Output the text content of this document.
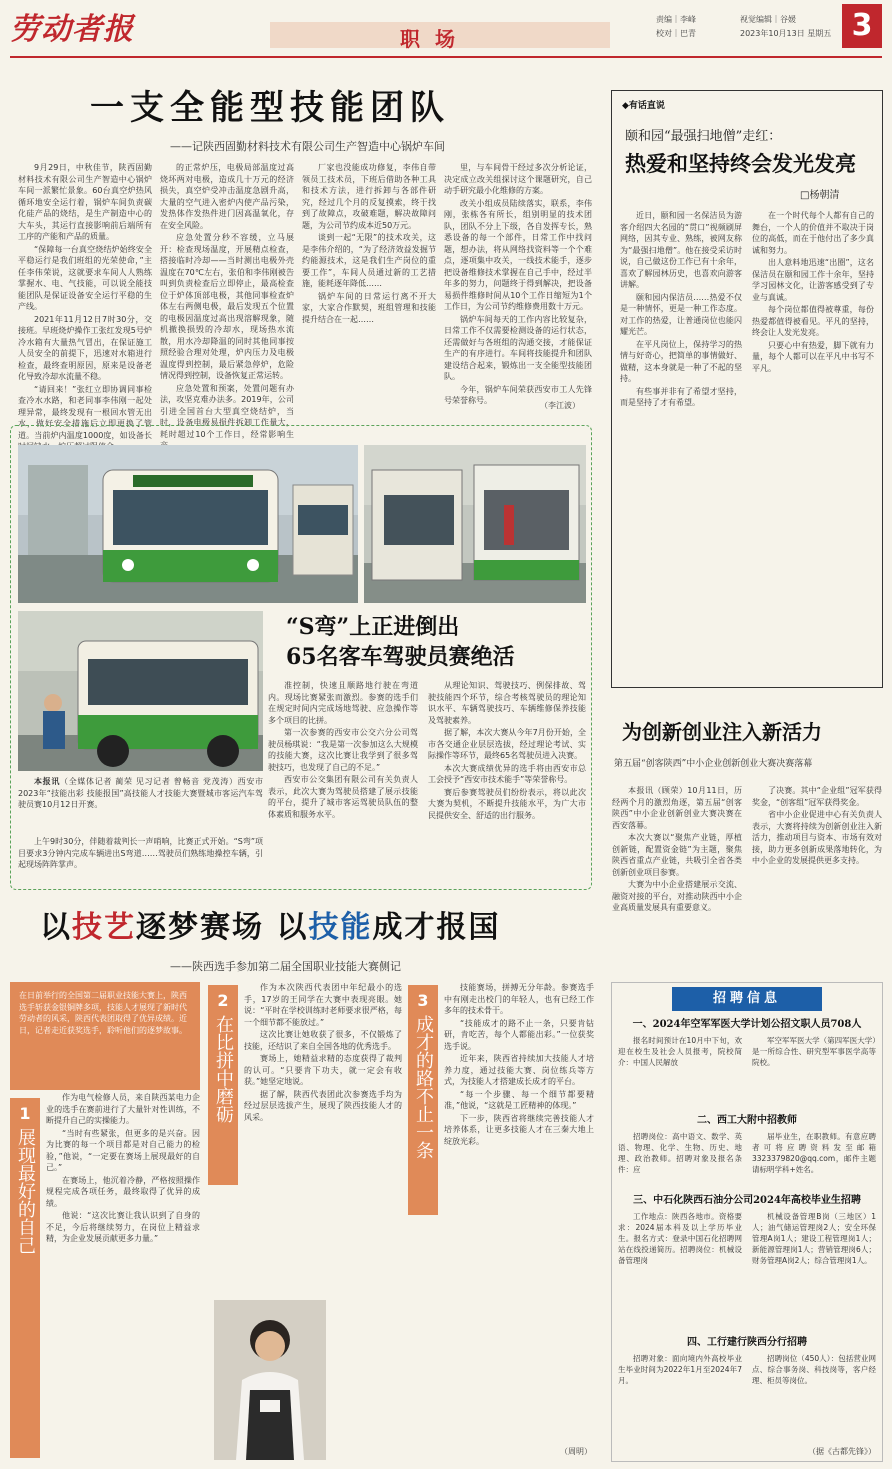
劳动者报	职 场
责编｜李峰
校对｜巴青
视觉编辑｜谷媛
2023年10月13日 星期五 3
一支全能型技能团队
——记陕西固勤材料技术有限公司生产智造中心锅炉车间

9月29日，中秋佳节，陕西固勤材料技术有限公司生产智造中心锅炉车间一派繁忙景象。60台真空炉热风循环地安全运行着，锅炉车间负责碳化硅产品的烧结，是生产制造中心的大车头，其运行直接影响前后端所有工序的产能和产品的质量。

“保障每一台真空烧结炉始终安全平稳运行是我们班组的光荣使命，”主任李伟荣说，这就要求车间人人熟练掌握水、电、气技能，可以说全能技能团队是保证设备安全运行平稳的生产线。

2021年11月12日7时30分，交接班。早班烧炉操作工张红发现5号炉冷水箱有大量热气冒出，在保证施工人员安全的前提下，迅速对水箱进行检查，最终查明原因，原来是设备老化导致冷却水流量不稳。

“请回来！”张红立即协调同事检查冷水水路，和老同事李伟刚一起处理异常，最终发现有一根回水管无出水，做好安全措施后立即更换了管道。当前炉内温度1000度，如设备长

的正常炉压，电极局部温度过高烧坏两对电极，造成几十万元的经济损失，真空炉受冲击温度急剧升高，大量的空气进入密炉内使产品污染，发热体作发热件进门因高温氧化，存在安全风险。

应急处置分秒不容缓，立马展开：检查现场温度，开展精点检查，搭接临时冷却——当时测出电极外壳温度在70℃左右，张伯和李伟刚被告叫到负责检查后立即停止，最高检查位于炉体顶部电极，其他同事检查炉体左右两侧电极，最后发现五个位置的电极因温度过高出现溶解现象，随机撤换损毁的冷却水，现场热水流散，用水冷却降温的同时其他同事按照经验合理对处理，炉内压力及电极温度得到控制，最后紧急停炉，危险情况得到控制，设备恢复正常运转。

应急处置和预案，处置问题有办法，攻坚克难办法多。2019年，公司引进全国首台大型真空烧结炉，当时，设备电极易损件拆卸工作量大，耗时超过10个工作日，经常影响生

厂家也没能成功修复，李伟自带领员工技术员，下班后借助各种工具和技术方法，进行拆卸与各部件研究，经过几个月的反复摸索，终于找到了故障点，攻破难题，解决故障问题，为公司节约成本近50万元。

谈到一起“无限”的技术攻关，这是李伟介绍的，“为了经济效益发掘节约能源技术，这是我们生产岗位的重要工作”，车间人员通过新的工艺措施，能耗逐年降低……

锅炉车间的日常运行离不开大家，大家合作默契，班组管理和技能提升结合在一起……

里，与车间骨干经过多次分析论证，决定成立改关组探讨这个课题研究，自己动手研究最小化维修的方案。

改关小组成员陆续落实，联系，李伟刚，张栋各有所长，组别明显的技术团队，团队不分上下级，各自发挥专长，熟悉设备的每一个部件，日常工作中找问题，想办法，将从网络找资料等一个个难点，逐项集中攻关，一线技术能手，逐步把设备维修技术掌握在自己手中，经过半年多的努力，问题终于得到解决，把设备易损件维修时间从10个工作日缩短为1个工作日，为公司节约维修费用数十万元。

锅炉车间每天的工作内容比较复杂，日常工作不仅需要检测设备的运行状态，还需做好与各班组的沟通交接，才能保证生产的有序进行。车间将技能提升和团队建设结合起来，锻炼出一支全能型技能团队。

今年，锅炉车间荣获西安市工人先锋号荣誉称号。

（李江波）
“S弯”上正进倒出
65名客车驾驶员赛绝活

本报讯（全媒体记者 蔺荣 见习记者 曾畅音 党茂涛）西安市2023年“技能出彩 技能报国”高技能人才技能大赛暨城市客运汽车驾驶员赛10月12日开赛。

上午9时30分，伴随着裁判长一声哨响，比赛正式开始。“S弯”项目要求3分钟内完成车辆进出S弯道……驾驶员们熟练地操控车辆，引起现场阵阵掌声。

准控制，快速且顺路地行驶在弯道内。现场比赛紧张而激烈。参赛的选手们在规定时间内完成场地驾驶、应急操作等多个项目的比拼。

第一次参赛的西安市公交六分公司驾驶员杨琪说：“我是第一次参加这么大规模的技能大赛，这次比赛让我学到了很多驾驶技巧，也发现了自己的不足。”

西安市公交集团有限公司有关负责人表示，此次大赛为驾驶员搭建了展示技能的平台，提升了城市客运驾驶员队伍的整体素质和服务水平。

从理论知识、驾驶技巧、例保排故、驾驶技能四个环节，综合考核驾驶员的理论知识水平、车辆驾驶技巧、车辆维修保养技能及驾驶素养。

据了解，本次大赛从今年7月份开始，全市各交通企业层层选拔，经过理论考试、实际操作等环节，最终65名驾驶员进入决赛。

本次大赛成绩优异的选手将由西安市总工会授予“西安市技术能手”等荣誉称号。

赛后参赛驾驶员们纷纷表示，将以此次大赛为契机，不断提升技能水平，为广大市民提供安全、舒适的出行服务。

◆有话直说
颐和园“最强扫地僧”走红：
热爱和坚持终会发光发亮
□杨朝清

近日，颐和园一名保洁员为游客介绍四大名园的“贯口”视频刷屏网络，因其专业、熟练，被网友称为“最强扫地僧”。他在接受采访时说，自己做这份工作已有十余年，喜欢了解园林历史，也喜欢向游客讲解。

颐和园内保洁员……热爱不仅是一种情怀，更是一种工作态度。对工作的热爱，让普通岗位也能闪耀光芒。

在平凡岗位上，保持学习的热情与好奇心，把简单的事情做好、做精，这本身就是一种了不起的坚持。

有些事并非有了希望才坚持，而是坚持了才有希望。

在一个时代每个人都有自己的舞台，一个人的价值并不取决于岗位的高低，而在于他付出了多少真诚和努力。

出人意料地迅速“出圈”，这名保洁员在颐和园工作十余年，坚持学习园林文化，让游客感受到了专业与真诚。

每个岗位都值得被尊重，每份热爱都值得被看见。平凡的坚持，终会让人发光发亮。

只要心中有热爱，脚下就有力量，每个人都可以在平凡中书写不平凡。

为创新创业注入新活力
第五届“创客陕西”中小企业创新创业大赛决赛落幕

本报讯（顾荣）10月11日，历经两个月的激烈角逐，第五届“创客陕西”中小企业创新创业大赛决赛在西安落幕。

本次大赛以“聚焦产业链，厚植创新链，配置资金链”为主题，聚焦陕西省重点产业链，共吸引全省各类创新创业项目参赛。

大赛为中小企业搭建展示交流、融资对接的平台，对推动陕西中小企业高质量发展具有重要意义。

了决赛。其中“企业组”冠军获得奖金，“创客组”冠军获得奖金。

省中小企业促进中心有关负责人表示，大赛将持续为创新创业注入新活力，推动项目与资本、市场有效对接，助力更多创新成果落地转化，为中小企业的发展提供更多支持。

以技艺逐梦赛场 以技能成才报国
——陕西选手参加第二届全国职业技能大赛侧记
在日前举行的全国第二届职业技能大赛上，陕西选手斩获金银铜牌多项，技能人才展现了新时代劳动者的风采，陕西代表团取得了优异成绩。近日，记者走近获奖选手，聆听他们的逐梦故事。
1
展现最好的自己

作为电气检修人员，来自陕西某电力企业的选手在赛前进行了大量针对性训练，不断提升自己的实操能力。

“当时有些紧张，但更多的是兴奋。因为比赛的每一个项目都是对自己能力的检验，”他说，“一定要在赛场上展现最好的自己。”

在赛场上，他沉着冷静，严格按照操作规程完成各项任务，最终取得了优异的成绩。

他说：“这次比赛让我认识到了自身的不足，今后将继续努力，在岗位上精益求精，为企业发展贡献更多力量。”

2
在比拼中磨砺

作为本次陕西代表团中年纪最小的选手，17岁的王同学在大赛中表现亮眼。她说：“平时在学校训练时老师要求很严格，每一个细节都不能放过。”

这次比赛让她收获了很多，不仅锻炼了技能，还结识了来自全国各地的优秀选手。

赛场上，她精益求精的态度获得了裁判的认可。“只要肯下功夫，就一定会有收获。”她坚定地说。

据了解，陕西代表团此次参赛选手均为经过层层选拔产生，展现了陕西技能人才的风采。

3
成才的路不止一条

技能赛场，拼搏无分年龄。参赛选手中有刚走出校门的年轻人，也有已经工作多年的技术骨干。

“技能成才的路不止一条，只要肯钻研，肯吃苦，每个人都能出彩。”一位获奖选手说。

近年来，陕西省持续加大技能人才培养力度，通过技能大赛、岗位练兵等方式，为技能人才搭建成长成才的平台。

“每一个步骤、每一个细节都要精准，”他说，“这就是工匠精神的体现。”

下一步，陕西省将继续完善技能人才培养体系，让更多技能人才在三秦大地上绽放光彩。

（周明）
招聘信息
一、2024年空军军医大学计划公招文职人员708人
报名时间预计在10月中下旬，欢迎在校生及社会人员报考，院校简介：中国人民解放
军空军军医大学（第四军医大学）是一所综合性、研究型军事医学高等院校。
二、西工大附中招教师
招聘岗位：高中语文、数学、英语、物理、化学、生物、历史、地理、政治教师。招聘对象及报名条件：应
届毕业生，在职教师。有意应聘者可将应聘资料发至邮箱3323379820@qq.com，邮件主题请标明学科+姓名。
三、中石化陕西石油分公司2024年高校毕业生招聘
工作地点：陕西各地市。资格要求：2024届本科及以上学历毕业生。报名方式：登录中国石化招聘网站在线投递简历。招聘岗位：机械设备管理岗
机械设备管理B岗（三地区）1人；油气储运管理岗2人；安全环保管理A岗1人；建设工程管理岗1人；新能源管理岗1人；营销管理岗6人；财务管理A岗2人；综合管理岗1人。
四、工行建行陕西分行招聘
招聘对象：面向境内外高校毕业生毕业时间为2022年1月至2024年7月。
招聘岗位（450人）：包括营业网点、综合事务岗、科技岗等，客户经理、柜员等岗位。
（据《古都先锋》）
